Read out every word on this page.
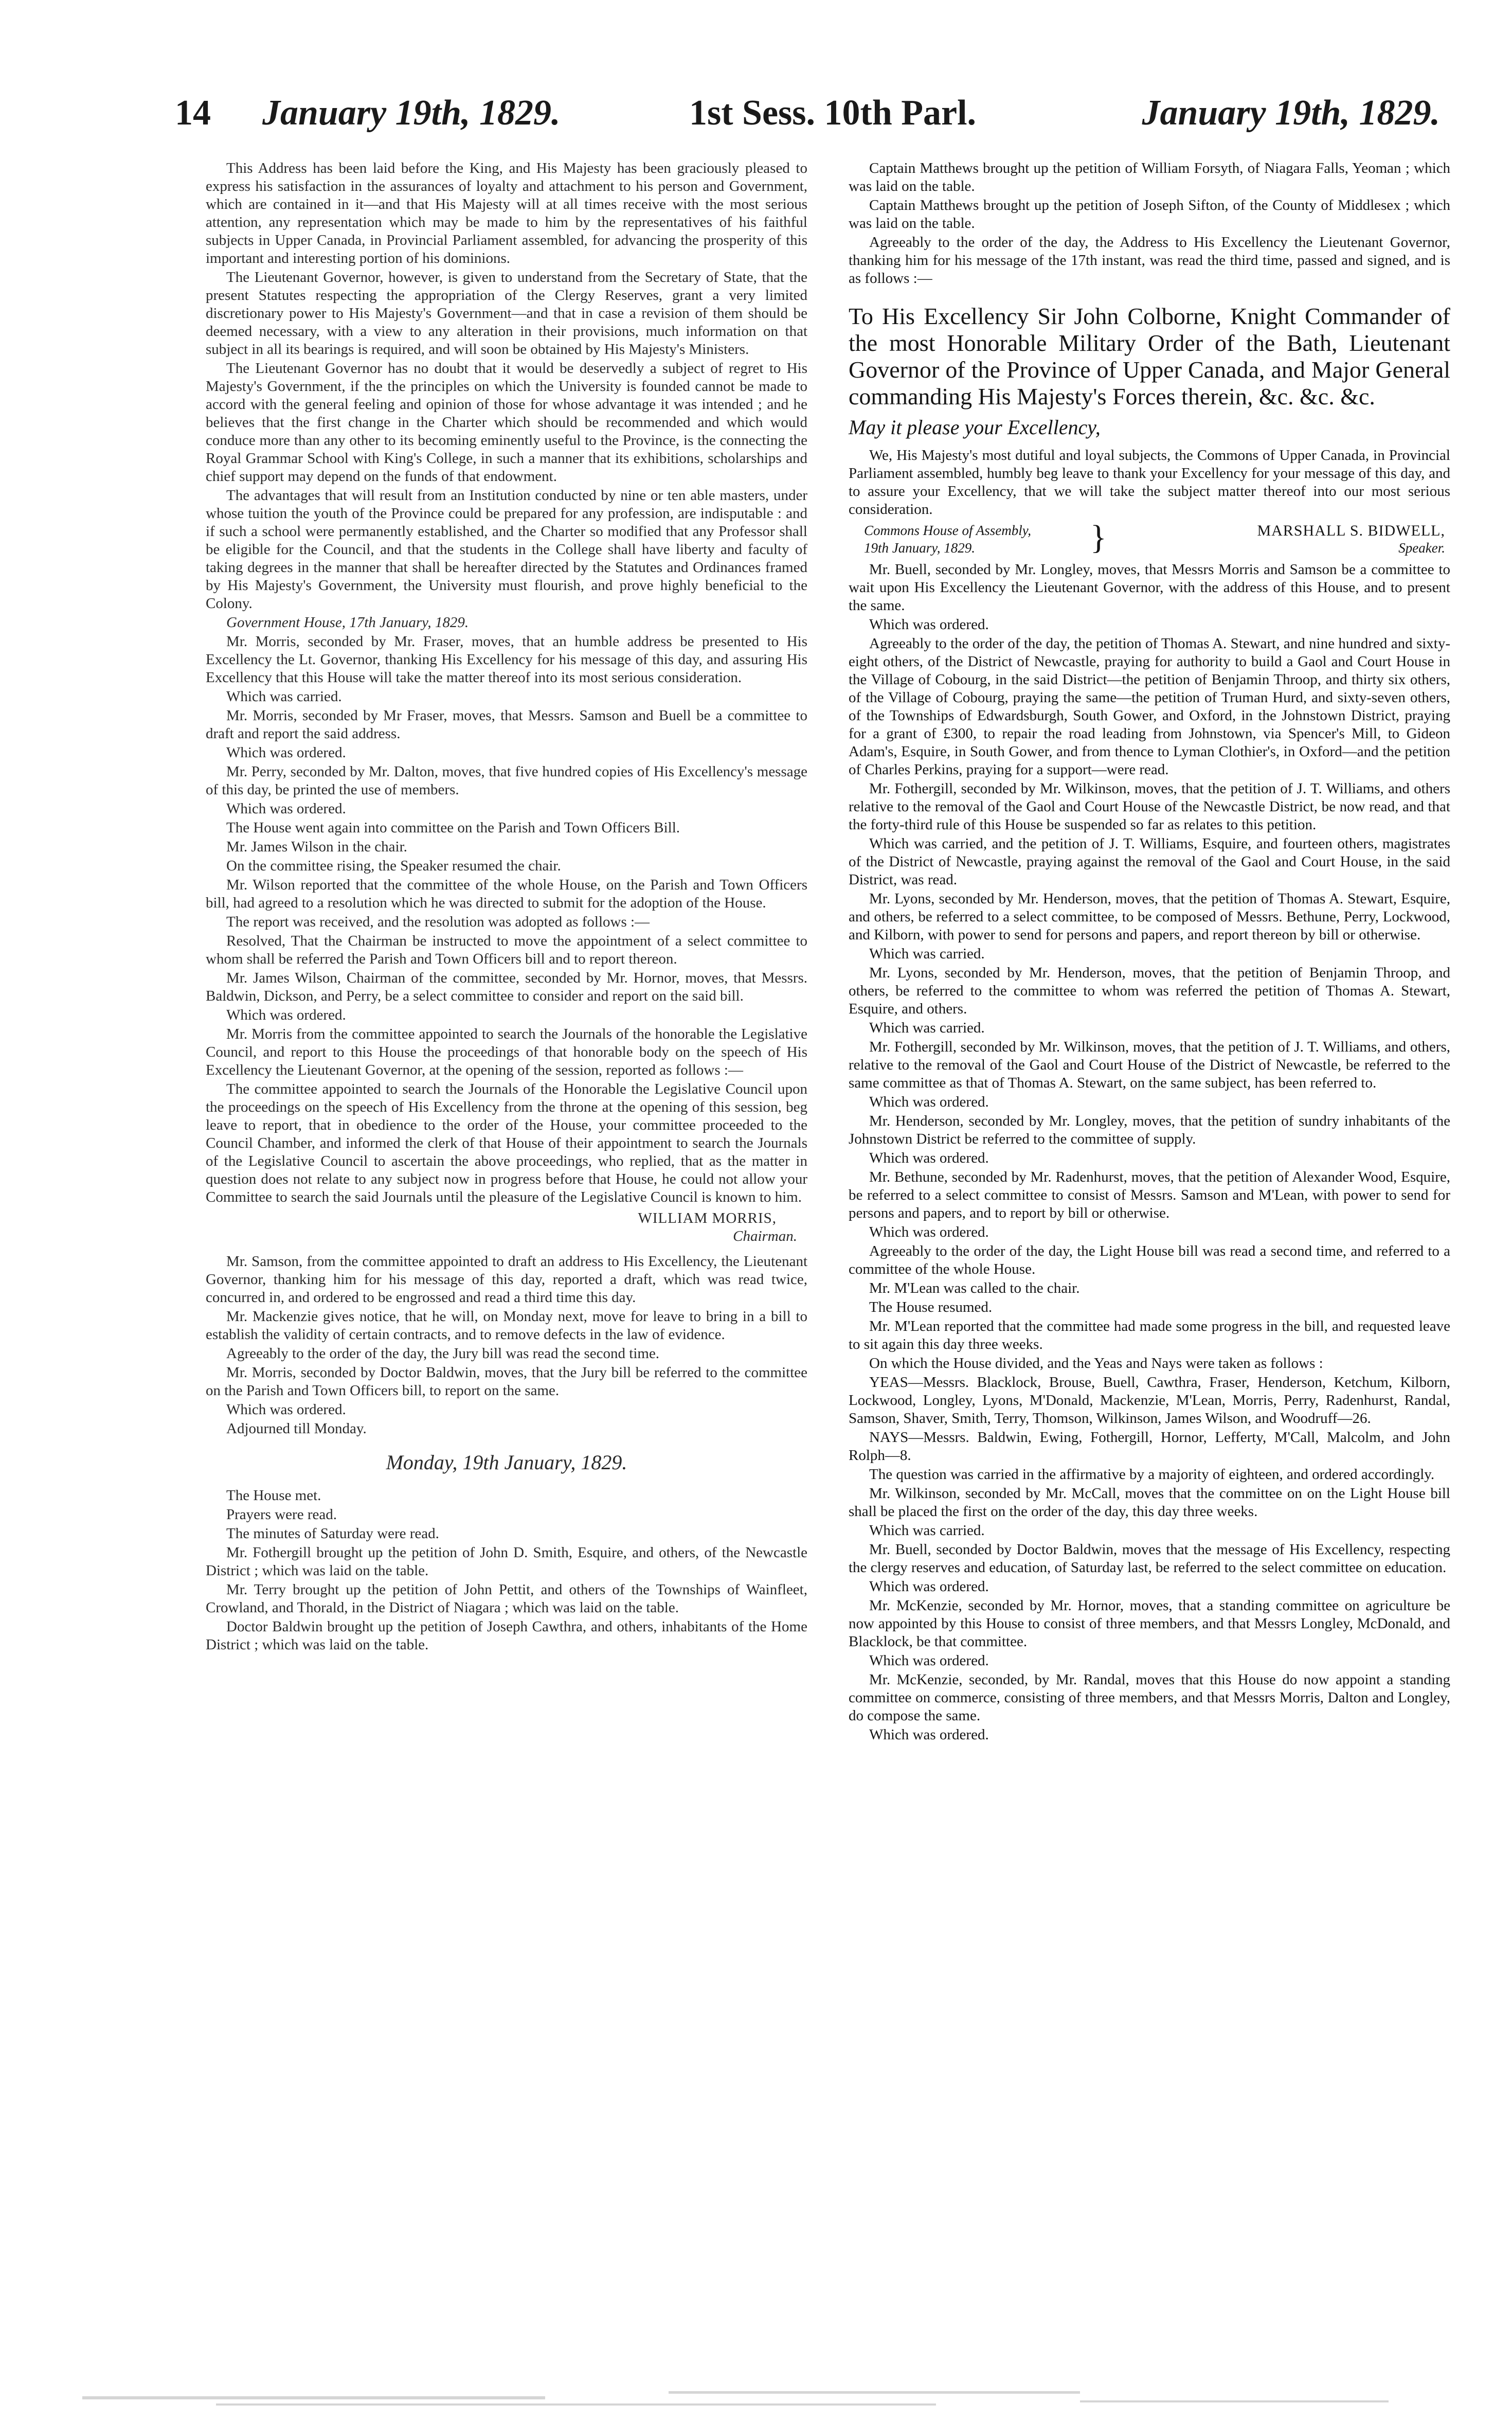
14 January 19th, 1829.	1st Sess. 10th Parl.	January 19th, 1829.

This Address has been laid before the King, and His Majesty has been graciously pleased to express his satisfaction in the assurances of loyalty and attachment to his person and Government, which are contained in it—and that His Majesty will at all times receive with the most serious attention, any representation which may be made to him by the representatives of his faithful subjects in Upper Canada, in Provincial Parliament assembled, for advancing the prosperity of this important and interesting portion of his dominions.

The Lieutenant Governor, however, is given to understand from the Secretary of State, that the present Statutes respecting the appropriation of the Clergy Reserves, grant a very limited discretionary power to His Majesty's Government—and that in case a revision of them should be deemed necessary, with a view to any alteration in their provisions, much information on that subject in all its bearings is required, and will soon be obtained by His Majesty's Ministers.

The Lieutenant Governor has no doubt that it would be deservedly a subject of regret to His Majesty's Government, if the the principles on which the University is founded cannot be made to accord with the general feeling and opinion of those for whose advantage it was intended ; and he believes that the first change in the Charter which should be recommended and which would conduce more than any other to its becoming eminently useful to the Province, is the connecting the Royal Grammar School with King's College, in such a manner that its exhibitions, scholarships and chief support may depend on the funds of that endowment.

The advantages that will result from an Institution conducted by nine or ten able masters, under whose tuition the youth of the Province could be prepared for any profession, are indisputable : and if such a school were permanently established, and the Charter so modified that any Professor shall be eligible for the Council, and that the students in the College shall have liberty and faculty of taking degrees in the manner that shall be hereafter directed by the Statutes and Ordinances framed by His Majesty's Government, the University must flourish, and prove highly beneficial to the Colony.

Government House, 17th January, 1829.

Mr. Morris, seconded by Mr. Fraser, moves, that an humble address be presented to His Excellency the Lt. Governor, thanking His Excellency for his message of this day, and assuring His Excellency that this House will take the matter thereof into its most serious consideration.

Which was carried.

Mr. Morris, seconded by Mr Fraser, moves, that Messrs. Samson and Buell be a committee to draft and report the said address.

Which was ordered.

Mr. Perry, seconded by Mr. Dalton, moves, that five hundred copies of His Excellency's message of this day, be printed the use of members.

Which was ordered.

The House went again into committee on the Parish and Town Officers Bill.

Mr. James Wilson in the chair.

On the committee rising, the Speaker resumed the chair.

Mr. Wilson reported that the committee of the whole House, on the Parish and Town Officers bill, had agreed to a resolution which he was directed to submit for the adoption of the House.

The report was received, and the resolution was adopted as follows :—

Resolved, That the Chairman be instructed to move the appointment of a select committee to whom shall be referred the Parish and Town Officers bill and to report thereon.

Mr. James Wilson, Chairman of the committee, seconded by Mr. Hornor, moves, that Messrs. Baldwin, Dickson, and Perry, be a select committee to consider and report on the said bill.

Which was ordered.

Mr. Morris from the committee appointed to search the Journals of the honorable the Legislative Council, and report to this House the proceedings of that honorable body on the speech of His Excellency the Lieutenant Governor, at the opening of the session, reported as follows :—

The committee appointed to search the Journals of the Honorable the Legislative Council upon the proceedings on the speech of His Excellency from the throne at the opening of this session, beg leave to report, that in obedience to the order of the House, your committee proceeded to the Council Chamber, and informed the clerk of that House of their appointment to search the Journals of the Legislative Council to ascertain the above proceedings, who replied, that as the matter in question does not relate to any subject now in progress before that House, he could not allow your Committee to search the said Journals until the pleasure of the Legislative Council is known to him.

WILLIAM MORRIS,
Chairman.

Mr. Samson, from the committee appointed to draft an address to His Excellency, the Lieutenant Governor, thanking him for his message of this day, reported a draft, which was read twice, concurred in, and ordered to be engrossed and read a third time this day.

Mr. Mackenzie gives notice, that he will, on Monday next, move for leave to bring in a bill to establish the validity of certain contracts, and to remove defects in the law of evidence.

Agreeably to the order of the day, the Jury bill was read the second time.

Mr. Morris, seconded by Doctor Baldwin, moves, that the Jury bill be referred to the committee on the Parish and Town Officers bill, to report on the same.

Which was ordered.

Adjourned till Monday.

Monday, 19th January, 1829.

The House met.

Prayers were read.

The minutes of Saturday were read.

Mr. Fothergill brought up the petition of John D. Smith, Esquire, and others, of the Newcastle District ; which was laid on the table.

Mr. Terry brought up the petition of John Pettit, and others of the Townships of Wainfleet, Crowland, and Thorald, in the District of Niagara ; which was laid on the table.

Doctor Baldwin brought up the petition of Joseph Cawthra, and others, inhabitants of the Home District ; which was laid on the table.

Captain Matthews brought up the petition of William Forsyth, of Niagara Falls, Yeoman ; which was laid on the table.

Captain Matthews brought up the petition of Joseph Sifton, of the County of Middlesex ; which was laid on the table.

Agreeably to the order of the day, the Address to His Excellency the Lieutenant Governor, thanking him for his message of the 17th instant, was read the third time, passed and signed, and is as follows :—

To His Excellency Sir John Colborne, Knight Commander of the most Honorable Military Order of the Bath, Lieutenant Governor of the Province of Upper Canada, and Major General commanding His Majesty's Forces therein, &c. &c. &c.

May it please your Excellency,

We, His Majesty's most dutiful and loyal subjects, the Commons of Upper Canada, in Provincial Parliament assembled, humbly beg leave to thank your Excellency for your message of this day, and to assure your Excellency, that we will take the subject matter thereof into our most serious consideration.

Commons House of Assembly,
19th January, 1829.	}	MARSHALL S. BIDWELL,
Speaker.

Mr. Buell, seconded by Mr. Longley, moves, that Messrs Morris and Samson be a committee to wait upon His Excellency the Lieutenant Governor, with the address of this House, and to present the same.

Which was ordered.

Agreeably to the order of the day, the petition of Thomas A. Stewart, and nine hundred and sixty-eight others, of the District of Newcastle, praying for authority to build a Gaol and Court House in the Village of Cobourg, in the said District—the petition of Benjamin Throop, and thirty six others, of the Village of Cobourg, praying the same—the petition of Truman Hurd, and sixty-seven others, of the Townships of Edwardsburgh, South Gower, and Oxford, in the Johnstown District, praying for a grant of £300, to repair the road leading from Johnstown, via Spencer's Mill, to Gideon Adam's, Esquire, in South Gower, and from thence to Lyman Clothier's, in Oxford—and the petition of Charles Perkins, praying for a support—were read.

Mr. Fothergill, seconded by Mr. Wilkinson, moves, that the petition of J. T. Williams, and others relative to the removal of the Gaol and Court House of the Newcastle District, be now read, and that the forty-third rule of this House be suspended so far as relates to this petition.

Which was carried, and the petition of J. T. Williams, Esquire, and fourteen others, magistrates of the District of Newcastle, praying against the removal of the Gaol and Court House, in the said District, was read.

Mr. Lyons, seconded by Mr. Henderson, moves, that the petition of Thomas A. Stewart, Esquire, and others, be referred to a select committee, to be composed of Messrs. Bethune, Perry, Lockwood, and Kilborn, with power to send for persons and papers, and report thereon by bill or otherwise.

Which was carried.

Mr. Lyons, seconded by Mr. Henderson, moves, that the petition of Benjamin Throop, and others, be referred to the committee to whom was referred the petition of Thomas A. Stewart, Esquire, and others.

Which was carried.

Mr. Fothergill, seconded by Mr. Wilkinson, moves, that the petition of J. T. Williams, and others, relative to the removal of the Gaol and Court House of the District of Newcastle, be referred to the same committee as that of Thomas A. Stewart, on the same subject, has been referred to.

Which was ordered.

Mr. Henderson, seconded by Mr. Longley, moves, that the petition of sundry inhabitants of the Johnstown District be referred to the committee of supply.

Which was ordered.

Mr. Bethune, seconded by Mr. Radenhurst, moves, that the petition of Alexander Wood, Esquire, be referred to a select committee to consist of Messrs. Samson and M'Lean, with power to send for persons and papers, and to report by bill or otherwise.

Which was ordered.

Agreeably to the order of the day, the Light House bill was read a second time, and referred to a committee of the whole House.

Mr. M'Lean was called to the chair.

The House resumed.

Mr. M'Lean reported that the committee had made some progress in the bill, and requested leave to sit again this day three weeks.

On which the House divided, and the Yeas and Nays were taken as follows :

YEAS—Messrs. Blacklock, Brouse, Buell, Cawthra, Fraser, Henderson, Ketchum, Kilborn, Lockwood, Longley, Lyons, M'Donald, Mackenzie, M'Lean, Morris, Perry, Radenhurst, Randal, Samson, Shaver, Smith, Terry, Thomson, Wilkinson, James Wilson, and Woodruff—26.

NAYS—Messrs. Baldwin, Ewing, Fothergill, Hornor, Lefferty, M'Call, Malcolm, and John Rolph—8.

The question was carried in the affirmative by a majority of eighteen, and ordered accordingly.

Mr. Wilkinson, seconded by Mr. McCall, moves that the committee on on the Light House bill shall be placed the first on the order of the day, this day three weeks.

Which was carried.

Mr. Buell, seconded by Doctor Baldwin, moves that the message of His Excellency, respecting the clergy reserves and education, of Saturday last, be referred to the select committee on education.

Which was ordered.

Mr. McKenzie, seconded by Mr. Hornor, moves, that a standing committee on agriculture be now appointed by this House to consist of three members, and that Messrs Longley, McDonald, and Blacklock, be that committee.

Which was ordered.

Mr. McKenzie, seconded, by Mr. Randal, moves that this House do now appoint a standing committee on commerce, consisting of three members, and that Messrs Morris, Dalton and Longley, do compose the same.

Which was ordered.
